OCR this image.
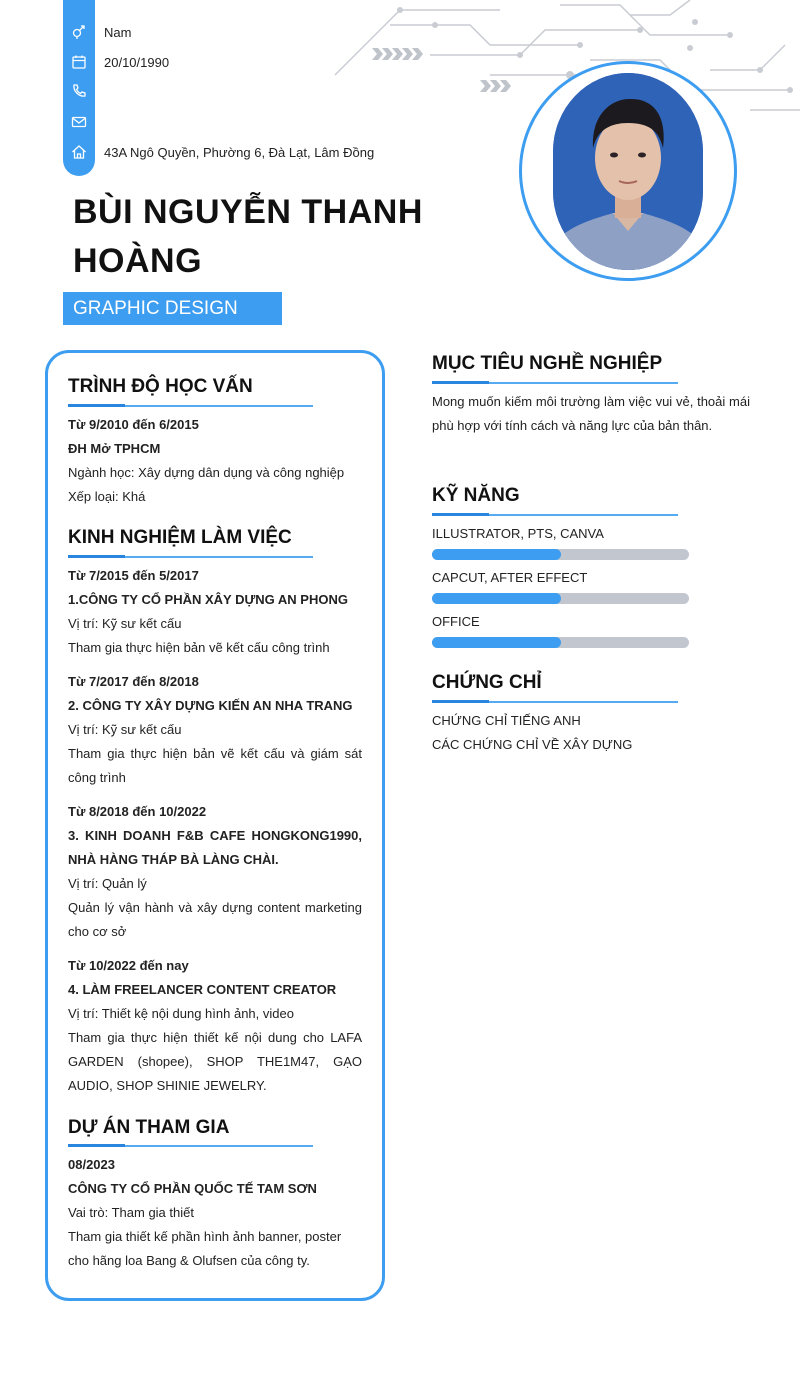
Nam
20/10/1990
43A Ngô Quyền, Phường 6, Đà Lạt, Lâm Đồng
BÙI NGUYỄN THANH HOÀNG
GRAPHIC DESIGN
TRÌNH ĐỘ HỌC VẤN
Từ 9/2010 đến 6/2015
ĐH Mở TPHCM
Ngành học: Xây dựng dân dụng và công nghiệp
Xếp loại: Khá
KINH NGHIỆM LÀM VIỆC
Từ 7/2015 đến 5/2017
1.CÔNG TY CỔ PHẦN XÂY DỰNG AN PHONG
Vị trí: Kỹ sư kết cấu
Tham gia thực hiện bản vẽ kết cấu công trình
Từ 7/2017 đến 8/2018
2. CÔNG TY XÂY DỰNG KIẾN AN NHA TRANG
Vị trí: Kỹ sư kết cấu
Tham gia thực hiện bản vẽ kết cấu và giám sát công trình
Từ 8/2018 đến 10/2022
3. KINH DOANH F&B CAFE HONGKONG1990, NHÀ HÀNG THÁP BÀ LÀNG CHÀI.
Vị trí: Quản lý
Quản lý vận hành và xây dựng content marketing cho cơ sở
Từ 10/2022 đến nay
4. LÀM FREELANCER CONTENT CREATOR
Vị trí: Thiết kệ nội dung hình ảnh, video
Tham gia thực hiện thiết kế nội dung cho LAFA GARDEN (shopee), SHOP THE1M47, GẠO AUDIO, SHOP SHINIE JEWELRY.
DỰ ÁN THAM GIA
08/2023
CÔNG TY CỔ PHẦN QUỐC TẾ TAM SƠN
Vai trò: Tham gia thiết
Tham gia thiết kế phần hình ảnh banner, poster cho hãng loa Bang & Olufsen của công ty.
MỤC TIÊU NGHỀ NGHIỆP
Mong muốn kiếm môi trường làm việc vui vẻ, thoải mái phù hợp với tính cách và năng lực của bản thân.
KỸ NĂNG
ILLUSTRATOR, PTS, CANVA
CAPCUT, AFTER EFFECT
OFFICE
CHỨNG CHỈ
CHỨNG CHỈ TIẾNG ANH
CÁC CHỨNG CHỈ VỀ XÂY DỰNG
